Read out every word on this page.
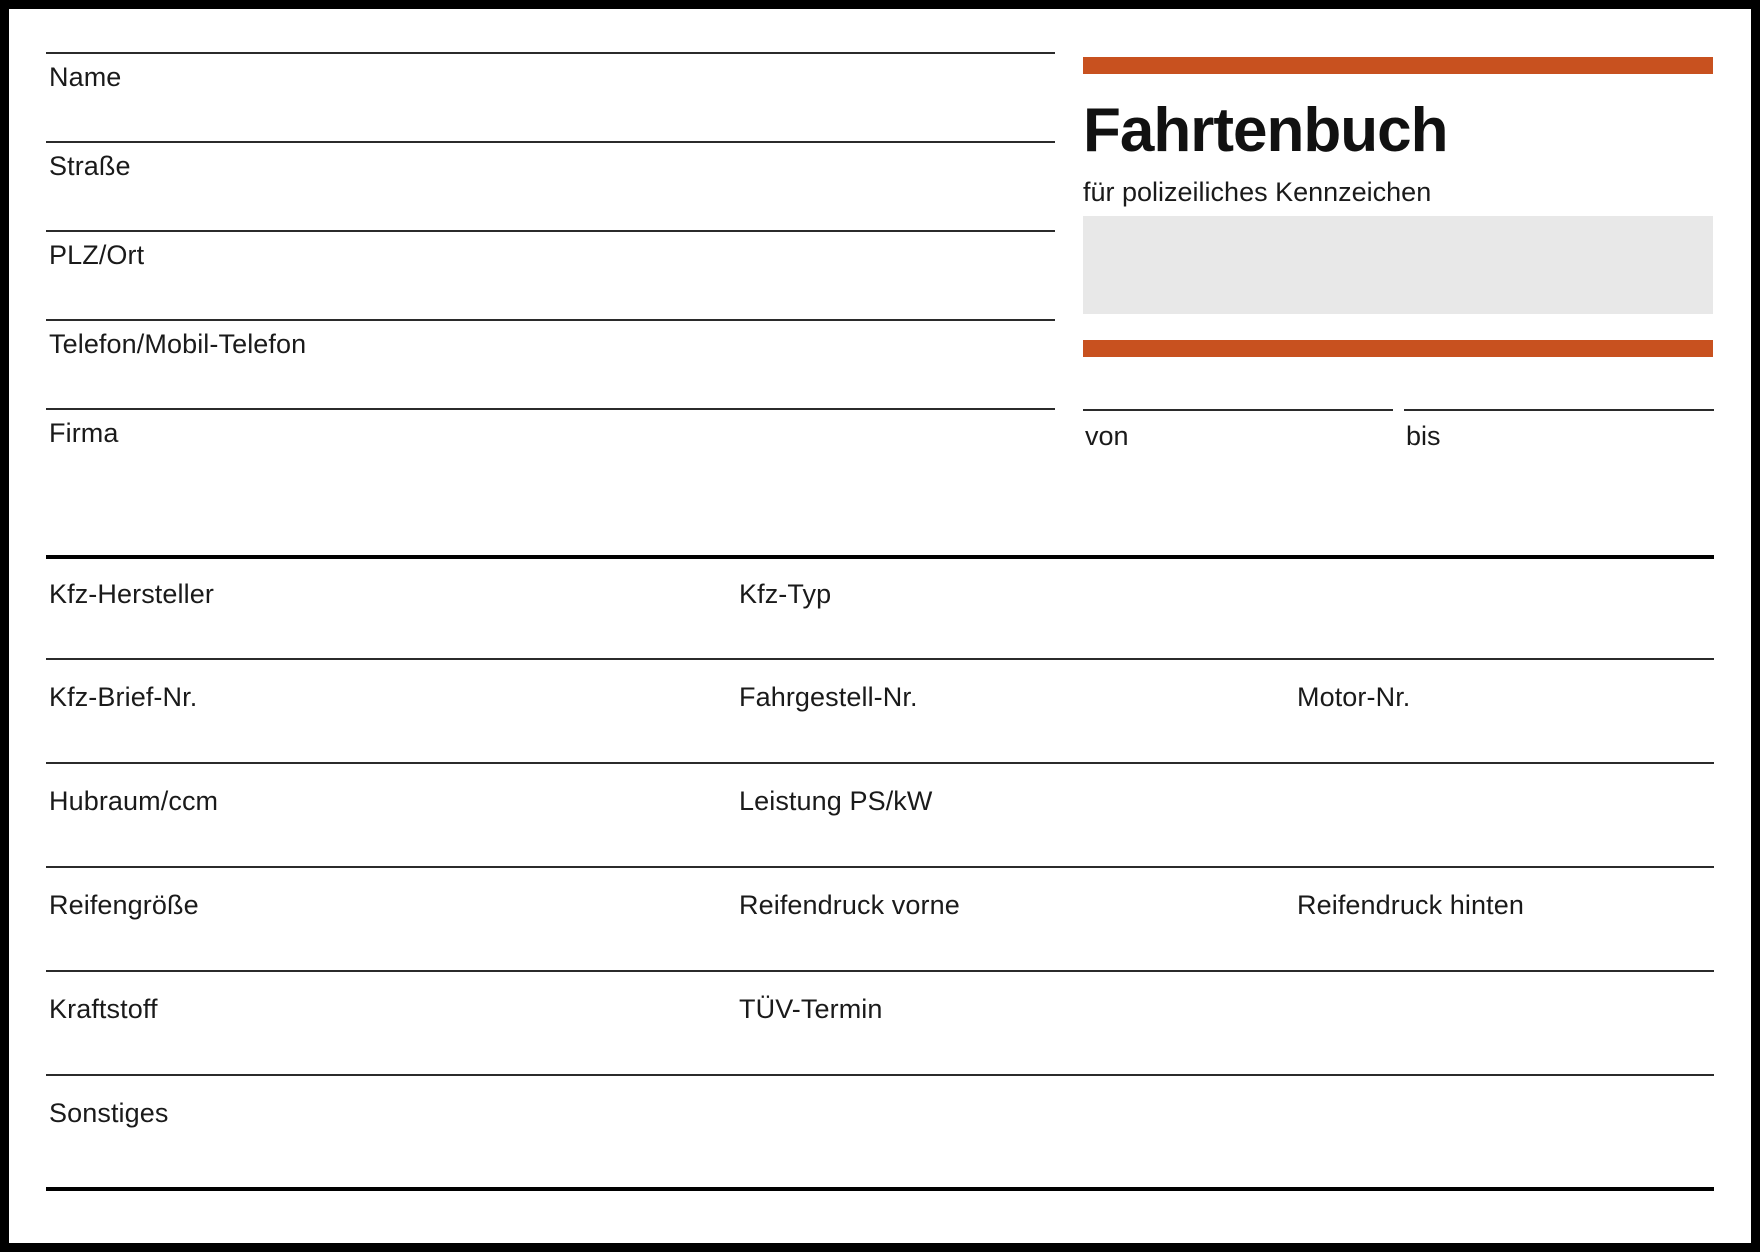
Name
Straße
PLZ/Ort
Telefon/Mobil-Telefon
Firma
Fahrtenbuch
für polizeiliches Kennzeichen
von	bis
Kfz-Hersteller	Kfz-Typ
Kfz-Brief-Nr.	Fahrgestell-Nr.	Motor-Nr.
Hubraum/ccm	Leistung PS/kW
Reifengröße	Reifendruck vorne	Reifendruck hinten
Kraftstoff	TÜV-Termin
Sonstiges
